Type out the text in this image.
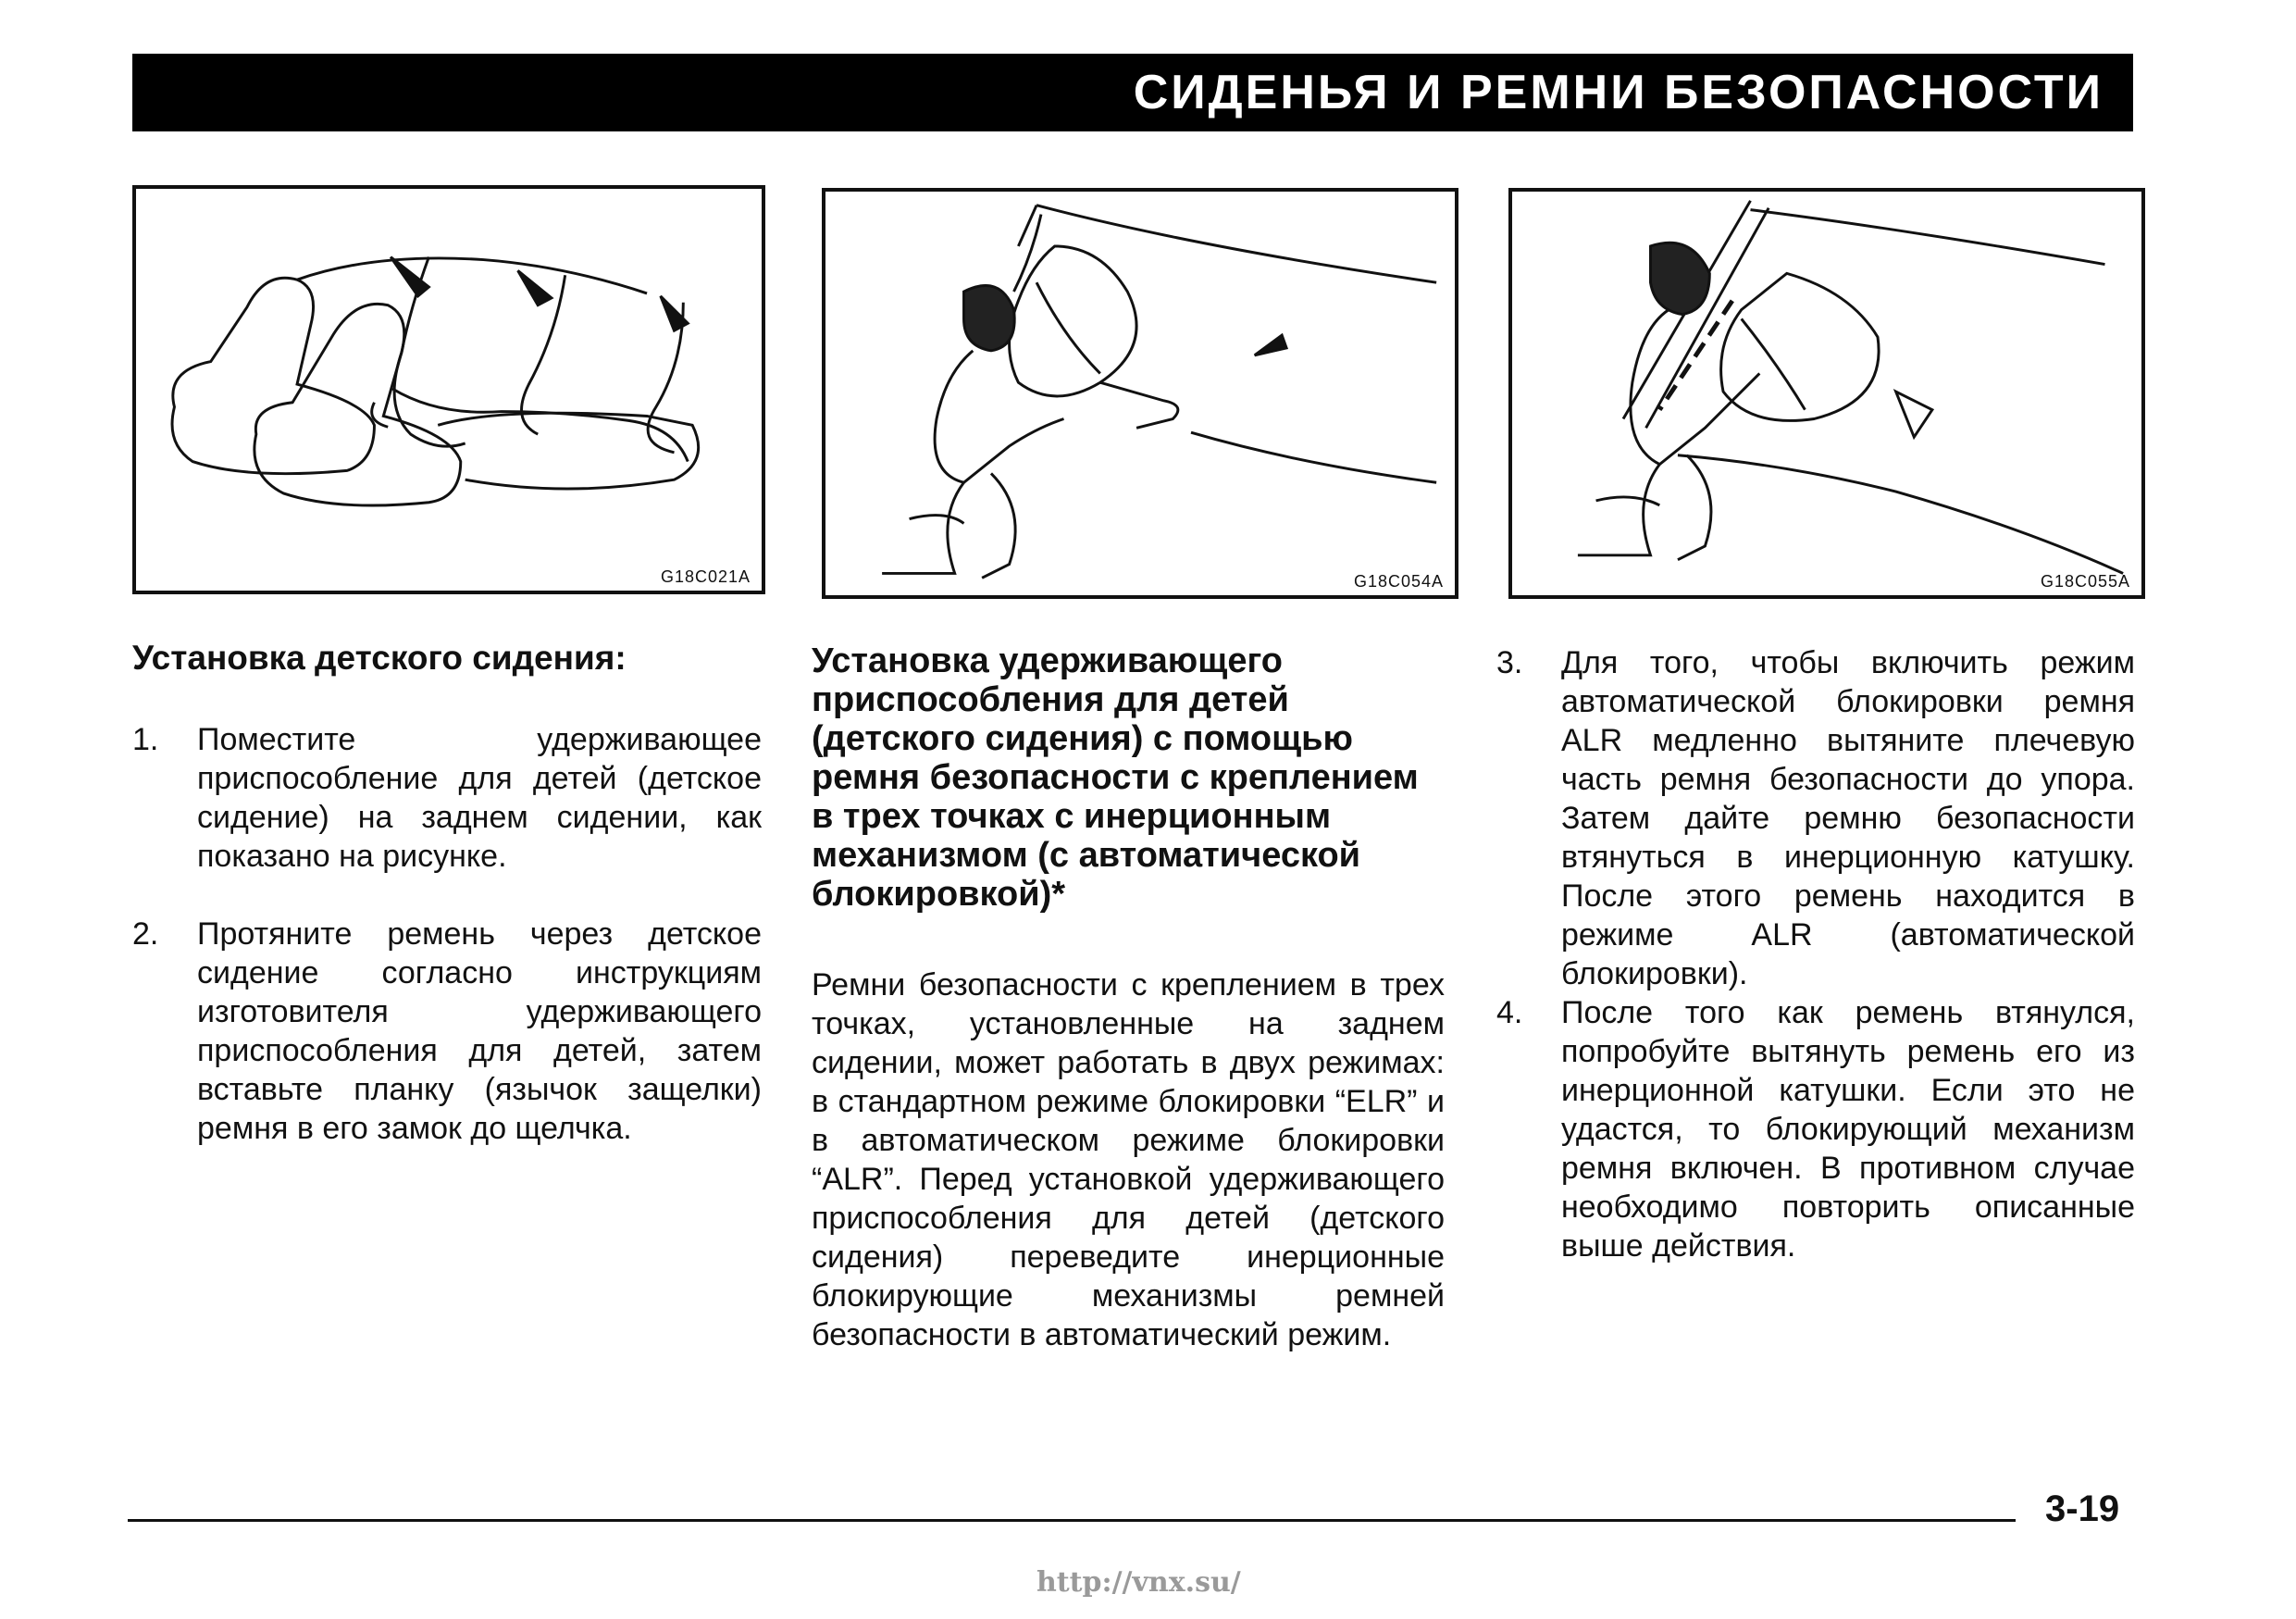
СИДЕНЬЯ И РЕМНИ БЕЗОПАСНОСТИ
G18C021A	G18C054A	G18C055A

Установка детского сидения:

1. Поместите удерживающее приспособление для детей (детское сидение) на заднем сидении, как показано на рисунке.
2. Протяните ремень через детское сидение согласно инструкциям изготовителя удерживающего приспособления для детей, затем вставьте планку (язычок защелки) ремня в его замок до щелчка.

Установка удерживающего приспособления для детей (детского сидения) с помощью ремня безопасности с креплением в трех точках с инерционным механизмом (с автоматической блокировкой)*

Ремни безопасности с креплением в трех точках, установленные на заднем сидении, может работать в двух режимах: в стандартном режиме блокировки “ELR” и в автоматическом режиме блокировки “ALR”. Перед установкой удерживающего приспособления для детей (детского сидения) переведите инерционные блокирующие механизмы ремней безопасности в автоматический режим.

3. Для того, чтобы включить режим автоматической блокировки ремня ALR медленно вытяните плечевую часть ремня безопасности до упора. Затем дайте ремню безопасности втянуться в инерционную катушку. После этого ремень находится в режиме ALR (автоматической блокировки).
4. После того как ремень втянулся, попробуйте вытянуть ремень его из инерционной катушки. Если это не удастся, то блокирующий механизм ремня включен. В противном случае необходимо повторить описанные выше действия.
3-19
http://vnx.su/
